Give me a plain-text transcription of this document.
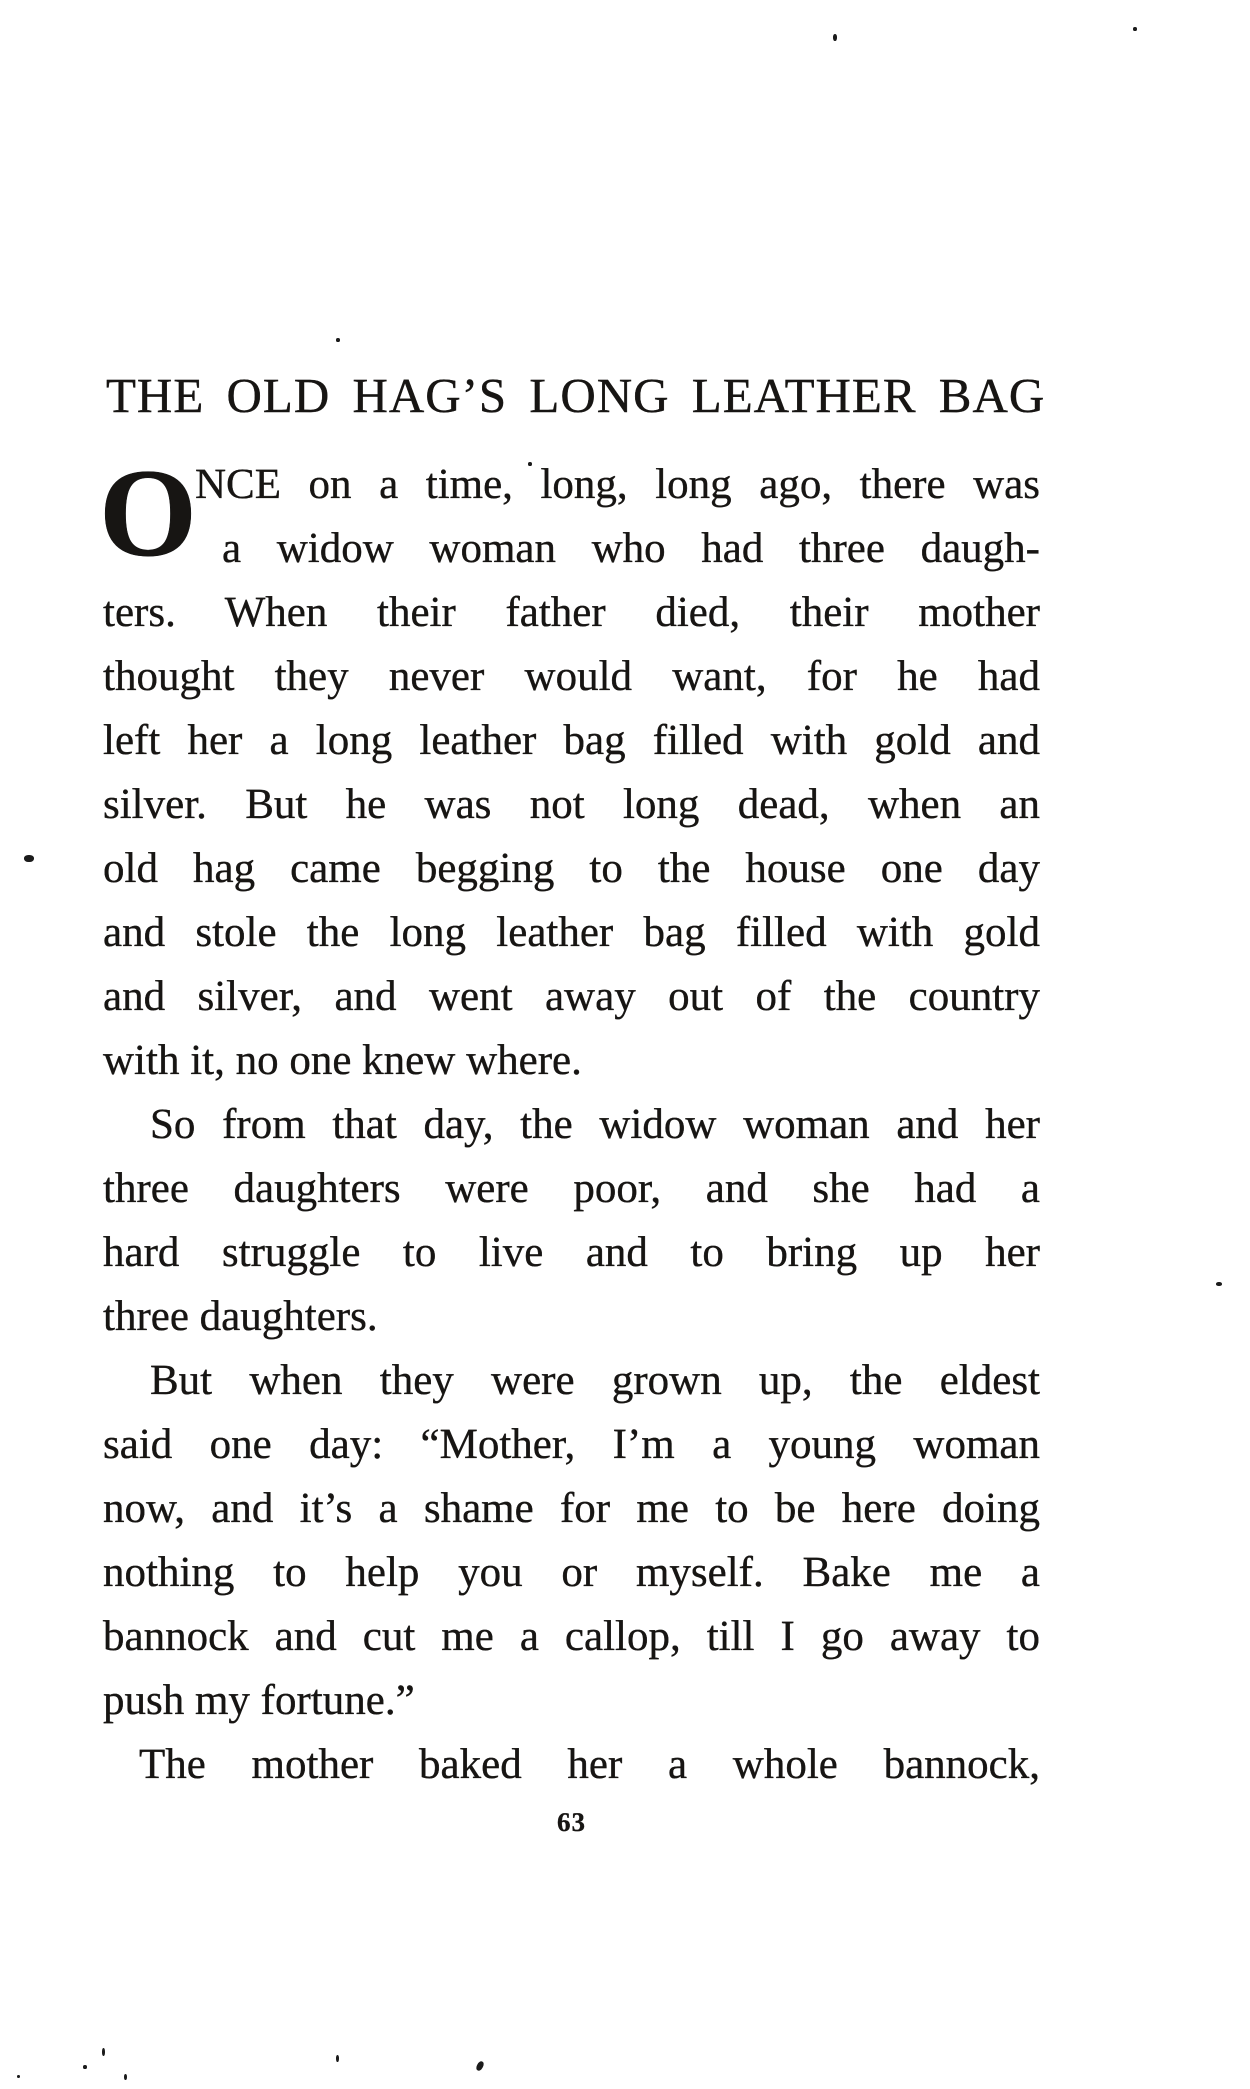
THE OLD HAG’S LONG LEATHER BAG
O
NCE on a time, long, long ago, there was
a widow woman who had three daugh-
ters. When their father died, their mother
thought they never would want, for he had
left her a long leather bag filled with gold and
silver. But he was not long dead, when an
old hag came begging to the house one day
and stole the long leather bag filled with gold
and silver, and went away out of the country
with it, no one knew where.
So from that day, the widow woman and her
three daughters were poor, and she had a
hard struggle to live and to bring up her
three daughters.
But when they were grown up, the eldest
said one day: “Mother, I’m a young woman
now, and it’s a shame for me to be here doing
nothing to help you or myself. Bake me a
bannock and cut me a callop, till I go away to
push my fortune.”
The mother baked her a whole bannock,
63
